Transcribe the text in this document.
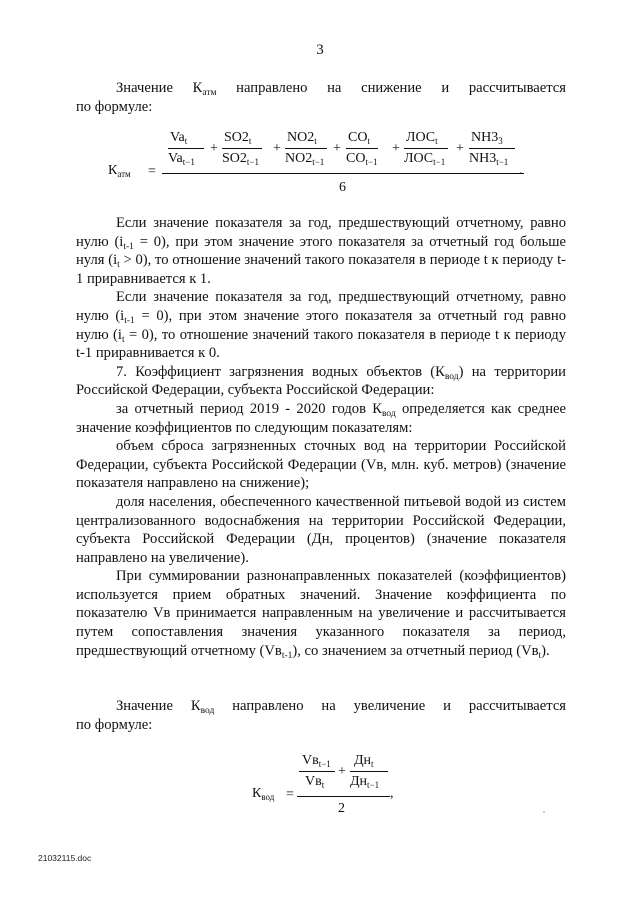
3

Значение $К_{атм}$ направлено на снижение и рассчитывается

по формуле:

$К_{атм}$ =	.
6
$Va_t$
$Va_{t-1}$
$SO2_t$
$SO2_{t-1}$
$NO2_t$
$NO2_{t-1}$
$CO_t$
$CO_{t-1}$
$ЛОС_t$
$ЛОС_{t-1}$
$NH3_3$
$NH3_{t-1}$
+	+	+	+	+

Если значение показателя за год, предшествующий отчетному, равно нулю $(i_{t-1} = 0)$, при этом значение этого показателя за отчетный год больше нуля $(i_t > 0)$, то отношение значений такого показателя в периоде t к периоду t-1 приравнивается к 1.

Если значение показателя за год, предшествующий отчетному, равно нулю $(i_{t-1} = 0)$, при этом значение этого показателя за отчетный год равно нулю $(i_t = 0)$, то отношение значений такого показателя в периоде t к периоду t-1 приравнивается к 0.

7. Коэффициент загрязнения водных объектов $(К_{вод})$ на территории Российской Федерации, субъекта Российской Федерации:

за отчетный период 2019 - 2020 годов $К_{вод}$ определяется как среднее значение коэффициентов по следующим показателям:

объем сброса загрязненных сточных вод на территории Российской Федерации, субъекта Российской Федерации (Vв, млн. куб. метров) (значение показателя направлено на снижение);

доля населения, обеспеченного качественной питьевой водой из систем централизованного водоснабжения на территории Российской Федерации, субъекта Российской Федерации (Дн, процентов) (значение показателя направлено на увеличение).

При суммировании разнонаправленных показателей (коэффициентов) используется прием обратных значений. Значение коэффициента по показателю Vв принимается направленным на увеличение и рассчитывается путем сопоставления значения указанного показателя за период, предшествующий отчетному $(Vв_{t-1})$, со значением за отчетный период $(Vв_t)$.

Значение $К_{вод}$ направлено на увеличение и рассчитывается

по формуле:

$К_{вод}$ =	,
2
$Vв_{t-1}$
$Vв_t$
+
$Дн_t$
$Дн_{t-1}$
21032115.doc
